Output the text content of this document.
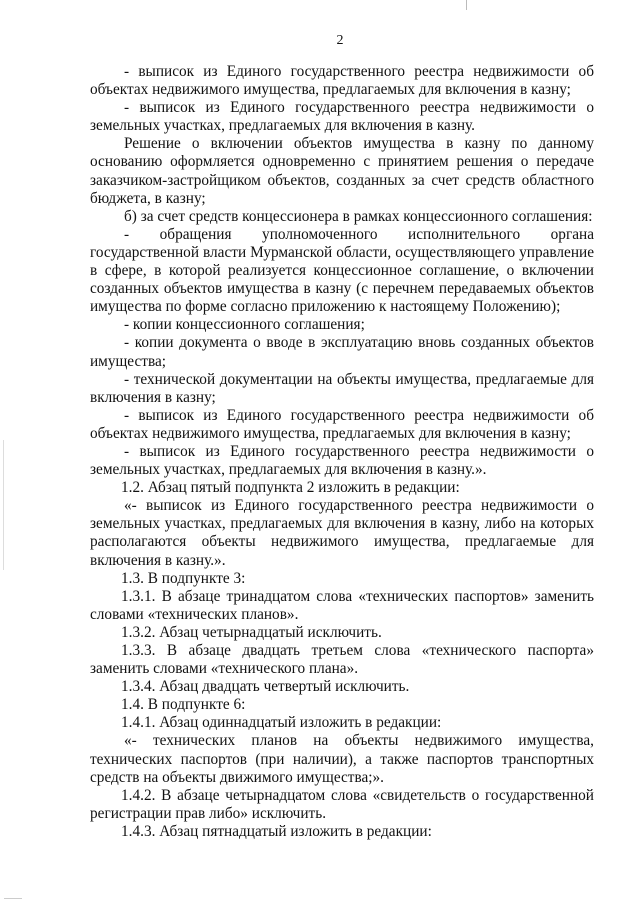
2

- выписок из Единого государственного реестра недвижимости об объектах недвижимого имущества, предлагаемых для включения в казну;

- выписок из Единого государственного реестра недвижимости о земельных участках, предлагаемых для включения в казну.

Решение о включении объектов имущества в казну по данному основанию оформляется одновременно с принятием решения о передаче заказчиком-застройщиком объектов, созданных за счет средств областного бюджета, в казну;

б) за счет средств концессионера в рамках концессионного соглашения:

- обращения уполномоченного исполнительного органа государственной власти Мурманской области, осуществляющего управление в сфере, в которой реализуется концессионное соглашение, о включении созданных объектов имущества в казну (с перечнем передаваемых объектов имущества по форме согласно приложению к настоящему Положению);

- копии концессионного соглашения;

- копии документа о вводе в эксплуатацию вновь созданных объектов имущества;

- технической документации на объекты имущества, предлагаемые для включения в казну;

- выписок из Единого государственного реестра недвижимости об объектах недвижимого имущества, предлагаемых для включения в казну;

- выписок из Единого государственного реестра недвижимости о земельных участках, предлагаемых для включения в казну.».

1.2. Абзац пятый подпункта 2 изложить в редакции:

«- выписок из Единого государственного реестра недвижимости о земельных участках, предлагаемых для включения в казну, либо на которых располагаются объекты недвижимого имущества, предлагаемые для включения в казну.».

1.3. В подпункте 3:

1.3.1. В абзаце тринадцатом слова «технических паспортов» заменить словами «технических планов».

1.3.2. Абзац четырнадцатый исключить.

1.3.3. В абзаце двадцать третьем слова «технического паспорта» заменить словами «технического плана».

1.3.4. Абзац двадцать четвертый исключить.

1.4. В подпункте 6:

1.4.1. Абзац одиннадцатый изложить в редакции:

«- технических планов на объекты недвижимого имущества, технических паспортов (при наличии), а также паспортов транспортных средств на объекты движимого имущества;».

1.4.2. В абзаце четырнадцатом слова «свидетельств о государственной регистрации прав либо» исключить.

1.4.3. Абзац пятнадцатый изложить в редакции:
